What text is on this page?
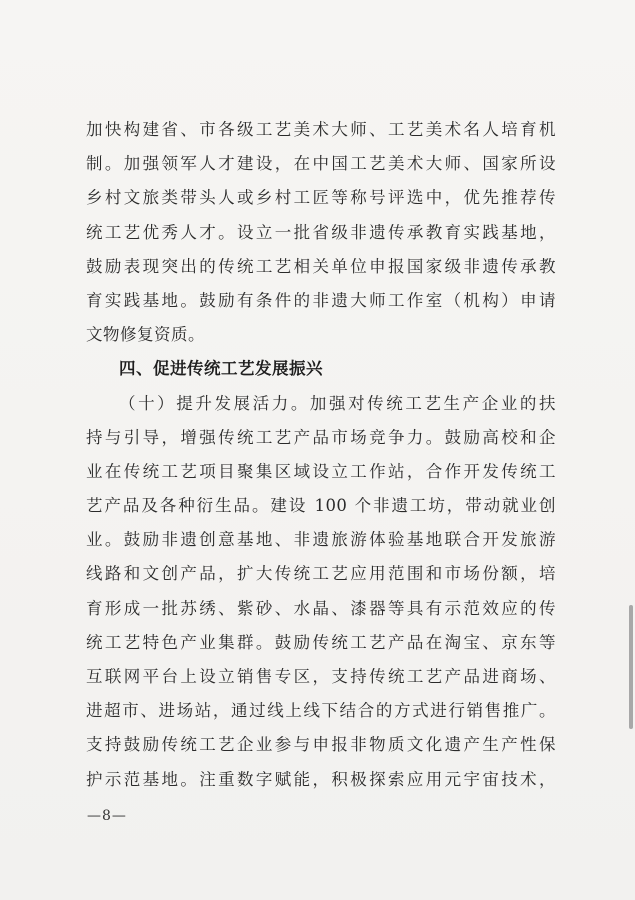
加快构建省、市各级工艺美术大师、工艺美术名人培育机
制。加强领军人才建设，在中国工艺美术大师、国家所设
乡村文旅类带头人或乡村工匠等称号评选中，优先推荐传
统工艺优秀人才。设立一批省级非遗传承教育实践基地，
鼓励表现突出的传统工艺相关单位申报国家级非遗传承教
育实践基地。鼓励有条件的非遗大师工作室（机构）申请
文物修复资质。
四、促进传统工艺发展振兴
（十）提升发展活力。加强对传统工艺生产企业的扶
持与引导，增强传统工艺产品市场竞争力。鼓励高校和企
业在传统工艺项目聚集区域设立工作站，合作开发传统工
艺产品及各种衍生品。建设 100 个非遗工坊，带动就业创
业。鼓励非遗创意基地、非遗旅游体验基地联合开发旅游
线路和文创产品，扩大传统工艺应用范围和市场份额，培
育形成一批苏绣、紫砂、水晶、漆器等具有示范效应的传
统工艺特色产业集群。鼓励传统工艺产品在淘宝、京东等
互联网平台上设立销售专区，支持传统工艺产品进商场、
进超市、进场站，通过线上线下结合的方式进行销售推广。
支持鼓励传统工艺企业参与申报非物质文化遗产生产性保
护示范基地。注重数字赋能，积极探索应用元宇宙技术，
—8—
